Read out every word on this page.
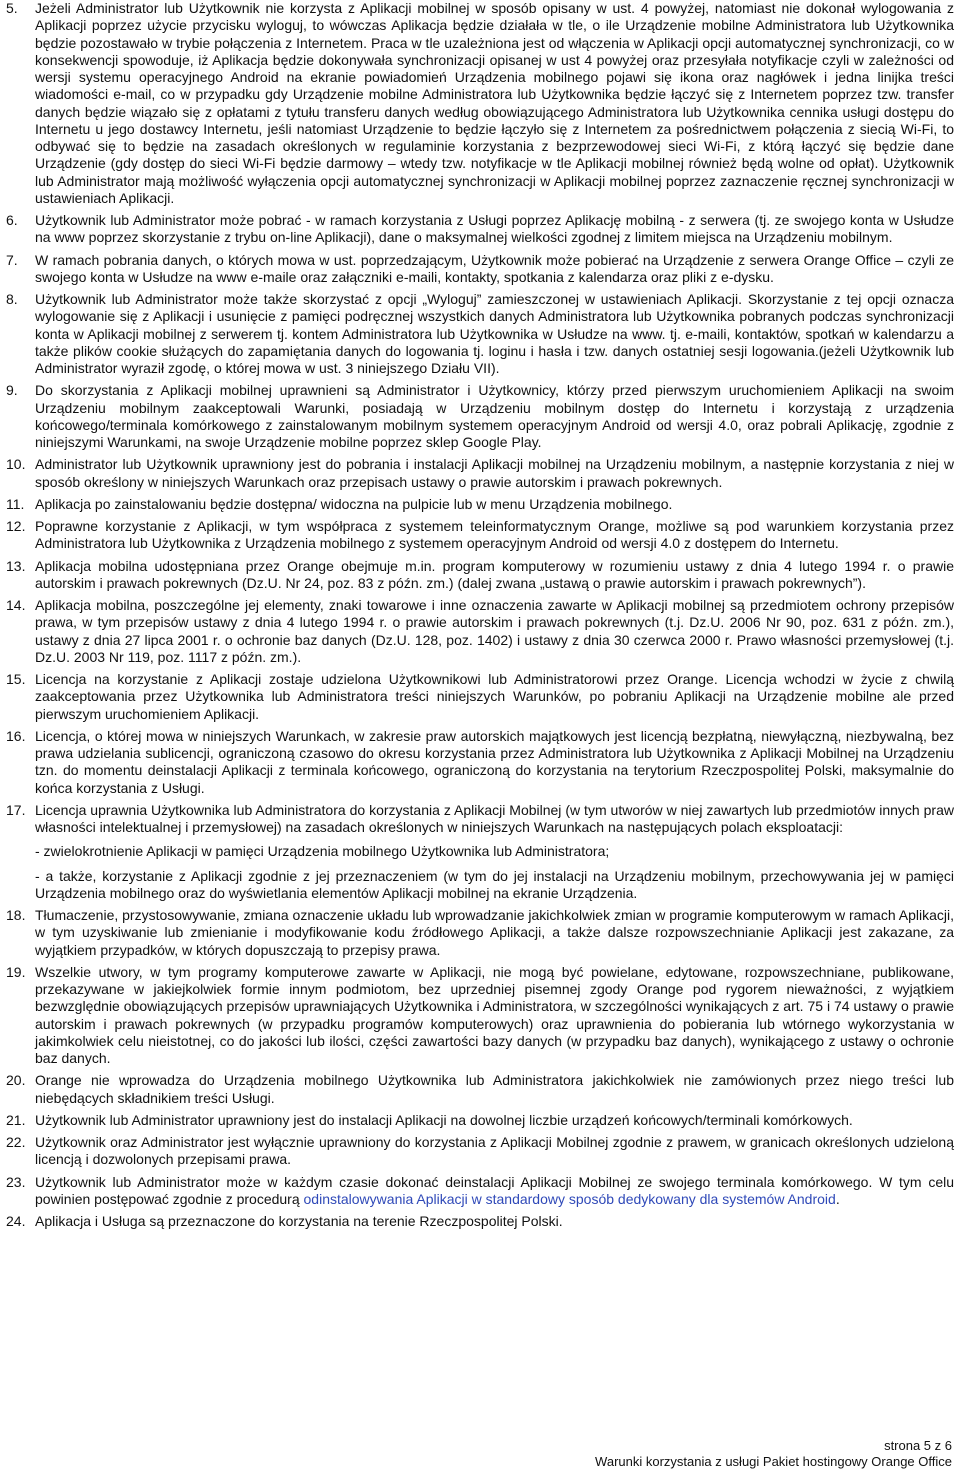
5. Jeżeli Administrator lub Użytkownik nie korzysta z Aplikacji mobilnej w sposób opisany w ust. 4 powyżej, natomiast nie dokonał wylogowania z Aplikacji poprzez użycie przycisku wyloguj, to wówczas Aplikacja będzie działała w tle, o ile Urządzenie mobilne Administratora lub Użytkownika będzie pozostawało w trybie połączenia z Internetem. Praca w tle uzależniona jest od włączenia w Aplikacji opcji automatycznej synchronizacji, co w konsekwencji spowoduje, iż Aplikacja będzie dokonywała synchronizacji opisanej w ust 4 powyżej oraz przesyłała notyfikacje czyli w zależności od wersji systemu operacyjnego Android na ekranie powiadomień Urządzenia mobilnego pojawi się ikona oraz nagłówek i jedna linijka treści wiadomości e-mail, co w przypadku gdy Urządzenie mobilne Administratora lub Użytkownika będzie łączyć się z Internetem poprzez tzw. transfer danych będzie wiązało się z opłatami z tytułu transferu danych według obowiązującego Administratora lub Użytkownika cennika usługi dostępu do Internetu u jego dostawcy Internetu, jeśli natomiast Urządzenie to będzie łączyło się z Internetem za pośrednictwem połączenia z siecią Wi-Fi, to odbywać się to będzie na zasadach określonych w regulaminie korzystania z bezprzewodowej sieci Wi-Fi, z którą łączyć się będzie dane Urządzenie (gdy dostęp do sieci Wi-Fi będzie darmowy – wtedy tzw. notyfikacje w tle Aplikacji mobilnej również będą wolne od opłat). Użytkownik lub Administrator mają możliwość wyłączenia opcji automatycznej synchronizacji w Aplikacji mobilnej poprzez zaznaczenie ręcznej synchronizacji w ustawieniach Aplikacji.
6. Użytkownik lub Administrator może pobrać - w ramach korzystania z Usługi poprzez Aplikację mobilną - z serwera (tj. ze swojego konta w Usłudze na www poprzez skorzystanie z trybu on-line Aplikacji), dane o maksymalnej wielkości zgodnej z limitem miejsca na Urządzeniu mobilnym.
7. W ramach pobrania danych, o których mowa w ust. poprzedzającym, Użytkownik może pobierać na Urządzenie z serwera Orange Office – czyli ze swojego konta w Usłudze na www e-maile oraz załączniki e-maili, kontakty, spotkania z kalendarza oraz pliki z e-dysku.
8. Użytkownik lub Administrator może także skorzystać z opcji „Wyloguj” zamieszczonej w ustawieniach Aplikacji. Skorzystanie z tej opcji oznacza wylogowanie się z Aplikacji i usunięcie z pamięci podręcznej wszystkich danych Administratora lub Użytkownika pobranych podczas synchronizacji konta w Aplikacji mobilnej z serwerem tj. kontem Administratora lub Użytkownika w Usłudze na www. tj. e-maili, kontaktów, spotkań w kalendarzu a także plików cookie służących do zapamiętania danych do logowania tj. loginu i hasła i tzw. danych ostatniej sesji logowania.(jeżeli Użytkownik lub Administrator wyraził zgodę, o której mowa w ust. 3 niniejszego Działu VII).
9. Do skorzystania z Aplikacji mobilnej uprawnieni są Administrator i Użytkownicy, którzy przed pierwszym uruchomieniem Aplikacji na swoim Urządzeniu mobilnym zaakceptowali Warunki, posiadają w Urządzeniu mobilnym dostęp do Internetu i korzystają z urządzenia końcowego/terminala komórkowego z zainstalowanym mobilnym systemem operacyjnym Android od wersji 4.0, oraz pobrali Aplikację, zgodnie z niniejszymi Warunkami, na swoje Urządzenie mobilne poprzez sklep Google Play.
10. Administrator lub Użytkownik uprawniony jest do pobrania i instalacji Aplikacji mobilnej na Urządzeniu mobilnym, a następnie korzystania z niej w sposób określony w niniejszych Warunkach oraz przepisach ustawy o prawie autorskim i prawach pokrewnych.
11. Aplikacja po zainstalowaniu będzie dostępna/ widoczna na pulpicie lub w menu Urządzenia mobilnego.
12. Poprawne korzystanie z Aplikacji, w tym współpraca z systemem teleinformatycznym Orange, możliwe są pod warunkiem korzystania przez Administratora lub Użytkownika z Urządzenia mobilnego z systemem operacyjnym Android od wersji 4.0 z dostępem do Internetu.
13. Aplikacja mobilna udostępniana przez Orange obejmuje m.in. program komputerowy w rozumieniu ustawy z dnia 4 lutego 1994 r. o prawie autorskim i prawach pokrewnych (Dz.U. Nr 24, poz. 83 z późn. zm.) (dalej zwana „ustawą o prawie autorskim i prawach pokrewnych”).
14. Aplikacja mobilna, poszczególne jej elementy, znaki towarowe i inne oznaczenia zawarte w Aplikacji mobilnej są przedmiotem ochrony przepisów prawa, w tym przepisów ustawy z dnia 4 lutego 1994 r. o prawie autorskim i prawach pokrewnych (t.j. Dz.U. 2006 Nr 90, poz. 631 z późn. zm.), ustawy z dnia 27 lipca 2001 r. o ochronie baz danych (Dz.U. 128, poz. 1402) i ustawy z dnia 30 czerwca 2000 r. Prawo własności przemysłowej (t.j. Dz.U. 2003 Nr 119, poz. 1117 z późn. zm.).
15. Licencja na korzystanie z Aplikacji zostaje udzielona Użytkownikowi lub Administratorowi przez Orange. Licencja wchodzi w życie z chwilą zaakceptowania przez Użytkownika lub Administratora treści niniejszych Warunków, po pobraniu Aplikacji na Urządzenie mobilne ale przed pierwszym uruchomieniem Aplikacji.
16. Licencja, o której mowa w niniejszych Warunkach, w zakresie praw autorskich majątkowych jest licencją bezpłatną, niewyłączną, niezbywalną, bez prawa udzielania sublicencji, ograniczoną czasowo do okresu korzystania przez Administratora lub Użytkownika z Aplikacji Mobilnej na Urządzeniu tzn. do momentu deinstalacji Aplikacji z terminala końcowego, ograniczoną do korzystania na terytorium Rzeczpospolitej Polski, maksymalnie do końca korzystania z Usługi.
17. Licencja uprawnia Użytkownika lub Administratora do korzystania z Aplikacji Mobilnej (w tym utworów w niej zawartych lub przedmiotów innych praw własności intelektualnej i przemysłowej) na zasadach określonych w niniejszych Warunkach na następujących polach eksploatacji:
- zwielokrotnienie Aplikacji w pamięci Urządzenia mobilnego Użytkownika lub Administratora;
- a także, korzystanie z Aplikacji zgodnie z jej przeznaczeniem (w tym do jej instalacji na Urządzeniu mobilnym, przechowywania jej w pamięci Urządzenia mobilnego oraz do wyświetlania elementów Aplikacji mobilnej na ekranie Urządzenia.
18. Tłumaczenie, przystosowywanie, zmiana oznaczenie układu lub wprowadzanie jakichkolwiek zmian w programie komputerowym w ramach Aplikacji, w tym uzyskiwanie lub zmienianie i modyfikowanie kodu źródłowego Aplikacji, a także dalsze rozpowszechnianie Aplikacji jest zakazane, za wyjątkiem przypadków, w których dopuszczają to przepisy prawa.
19. Wszelkie utwory, w tym programy komputerowe zawarte w Aplikacji, nie mogą być powielane, edytowane, rozpowszechniane, publikowane, przekazywane w jakiejkolwiek formie innym podmiotom, bez uprzedniej pisemnej zgody Orange pod rygorem nieważności, z wyjątkiem bezwzględnie obowiązujących przepisów uprawniających Użytkownika i Administratora, w szczególności wynikających z art. 75 i 74 ustawy o prawie autorskim i prawach pokrewnych (w przypadku programów komputerowych) oraz uprawnienia do pobierania lub wtórnego wykorzystania w jakimkolwiek celu nieistotnej, co do jakości lub ilości, części zawartości bazy danych (w przypadku baz danych), wynikającego z ustawy o ochronie baz danych.
20. Orange nie wprowadza do Urządzenia mobilnego Użytkownika lub Administratora jakichkolwiek nie zamówionych przez niego treści lub niebędących składnikiem treści Usługi.
21. Użytkownik lub Administrator uprawniony jest do instalacji Aplikacji na dowolnej liczbie urządzeń końcowych/terminali komórkowych.
22. Użytkownik oraz Administrator jest wyłącznie uprawniony do korzystania z Aplikacji Mobilnej zgodnie z prawem, w granicach określonych udzieloną licencją i dozwolonych przepisami prawa.
23. Użytkownik lub Administrator może w każdym czasie dokonać deinstalacji Aplikacji Mobilnej ze swojego terminala komórkowego. W tym celu powinien postępować zgodnie z procedurą odinstalowywania Aplikacji w standardowy sposób dedykowany dla systemów Android.
24. Aplikacja i Usługa są przeznaczone do korzystania na terenie Rzeczpospolitej Polski.
strona 5 z 6
Warunki korzystania z usługi Pakiet hostingowy Orange Office
